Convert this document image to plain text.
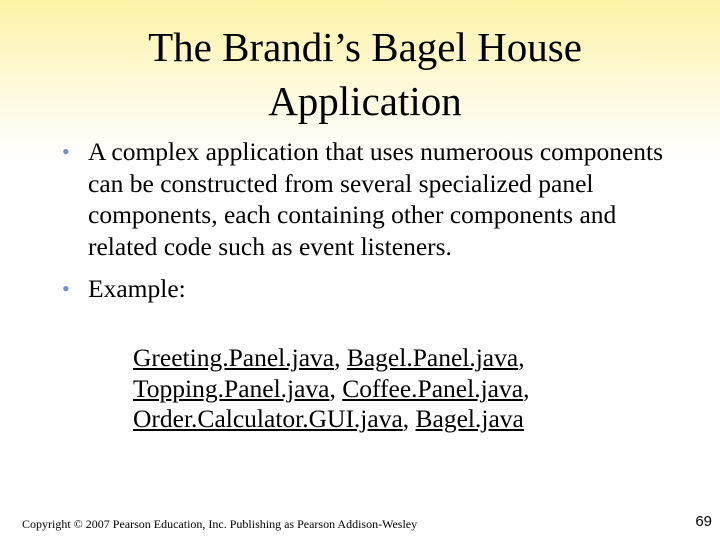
The Brandi’s Bagel House
Application
• A complex application that uses numeroous components can be constructed from several specialized panel components, each containing other components and related code such as event listeners.
• Example:
Greeting.Panel.java, Bagel.Panel.java,
Topping.Panel.java, Coffee.Panel.java,
Order.Calculator.GUI.java, Bagel.java
Copyright © 2007 Pearson Education, Inc. Publishing as Pearson Addison-Wesley	69
